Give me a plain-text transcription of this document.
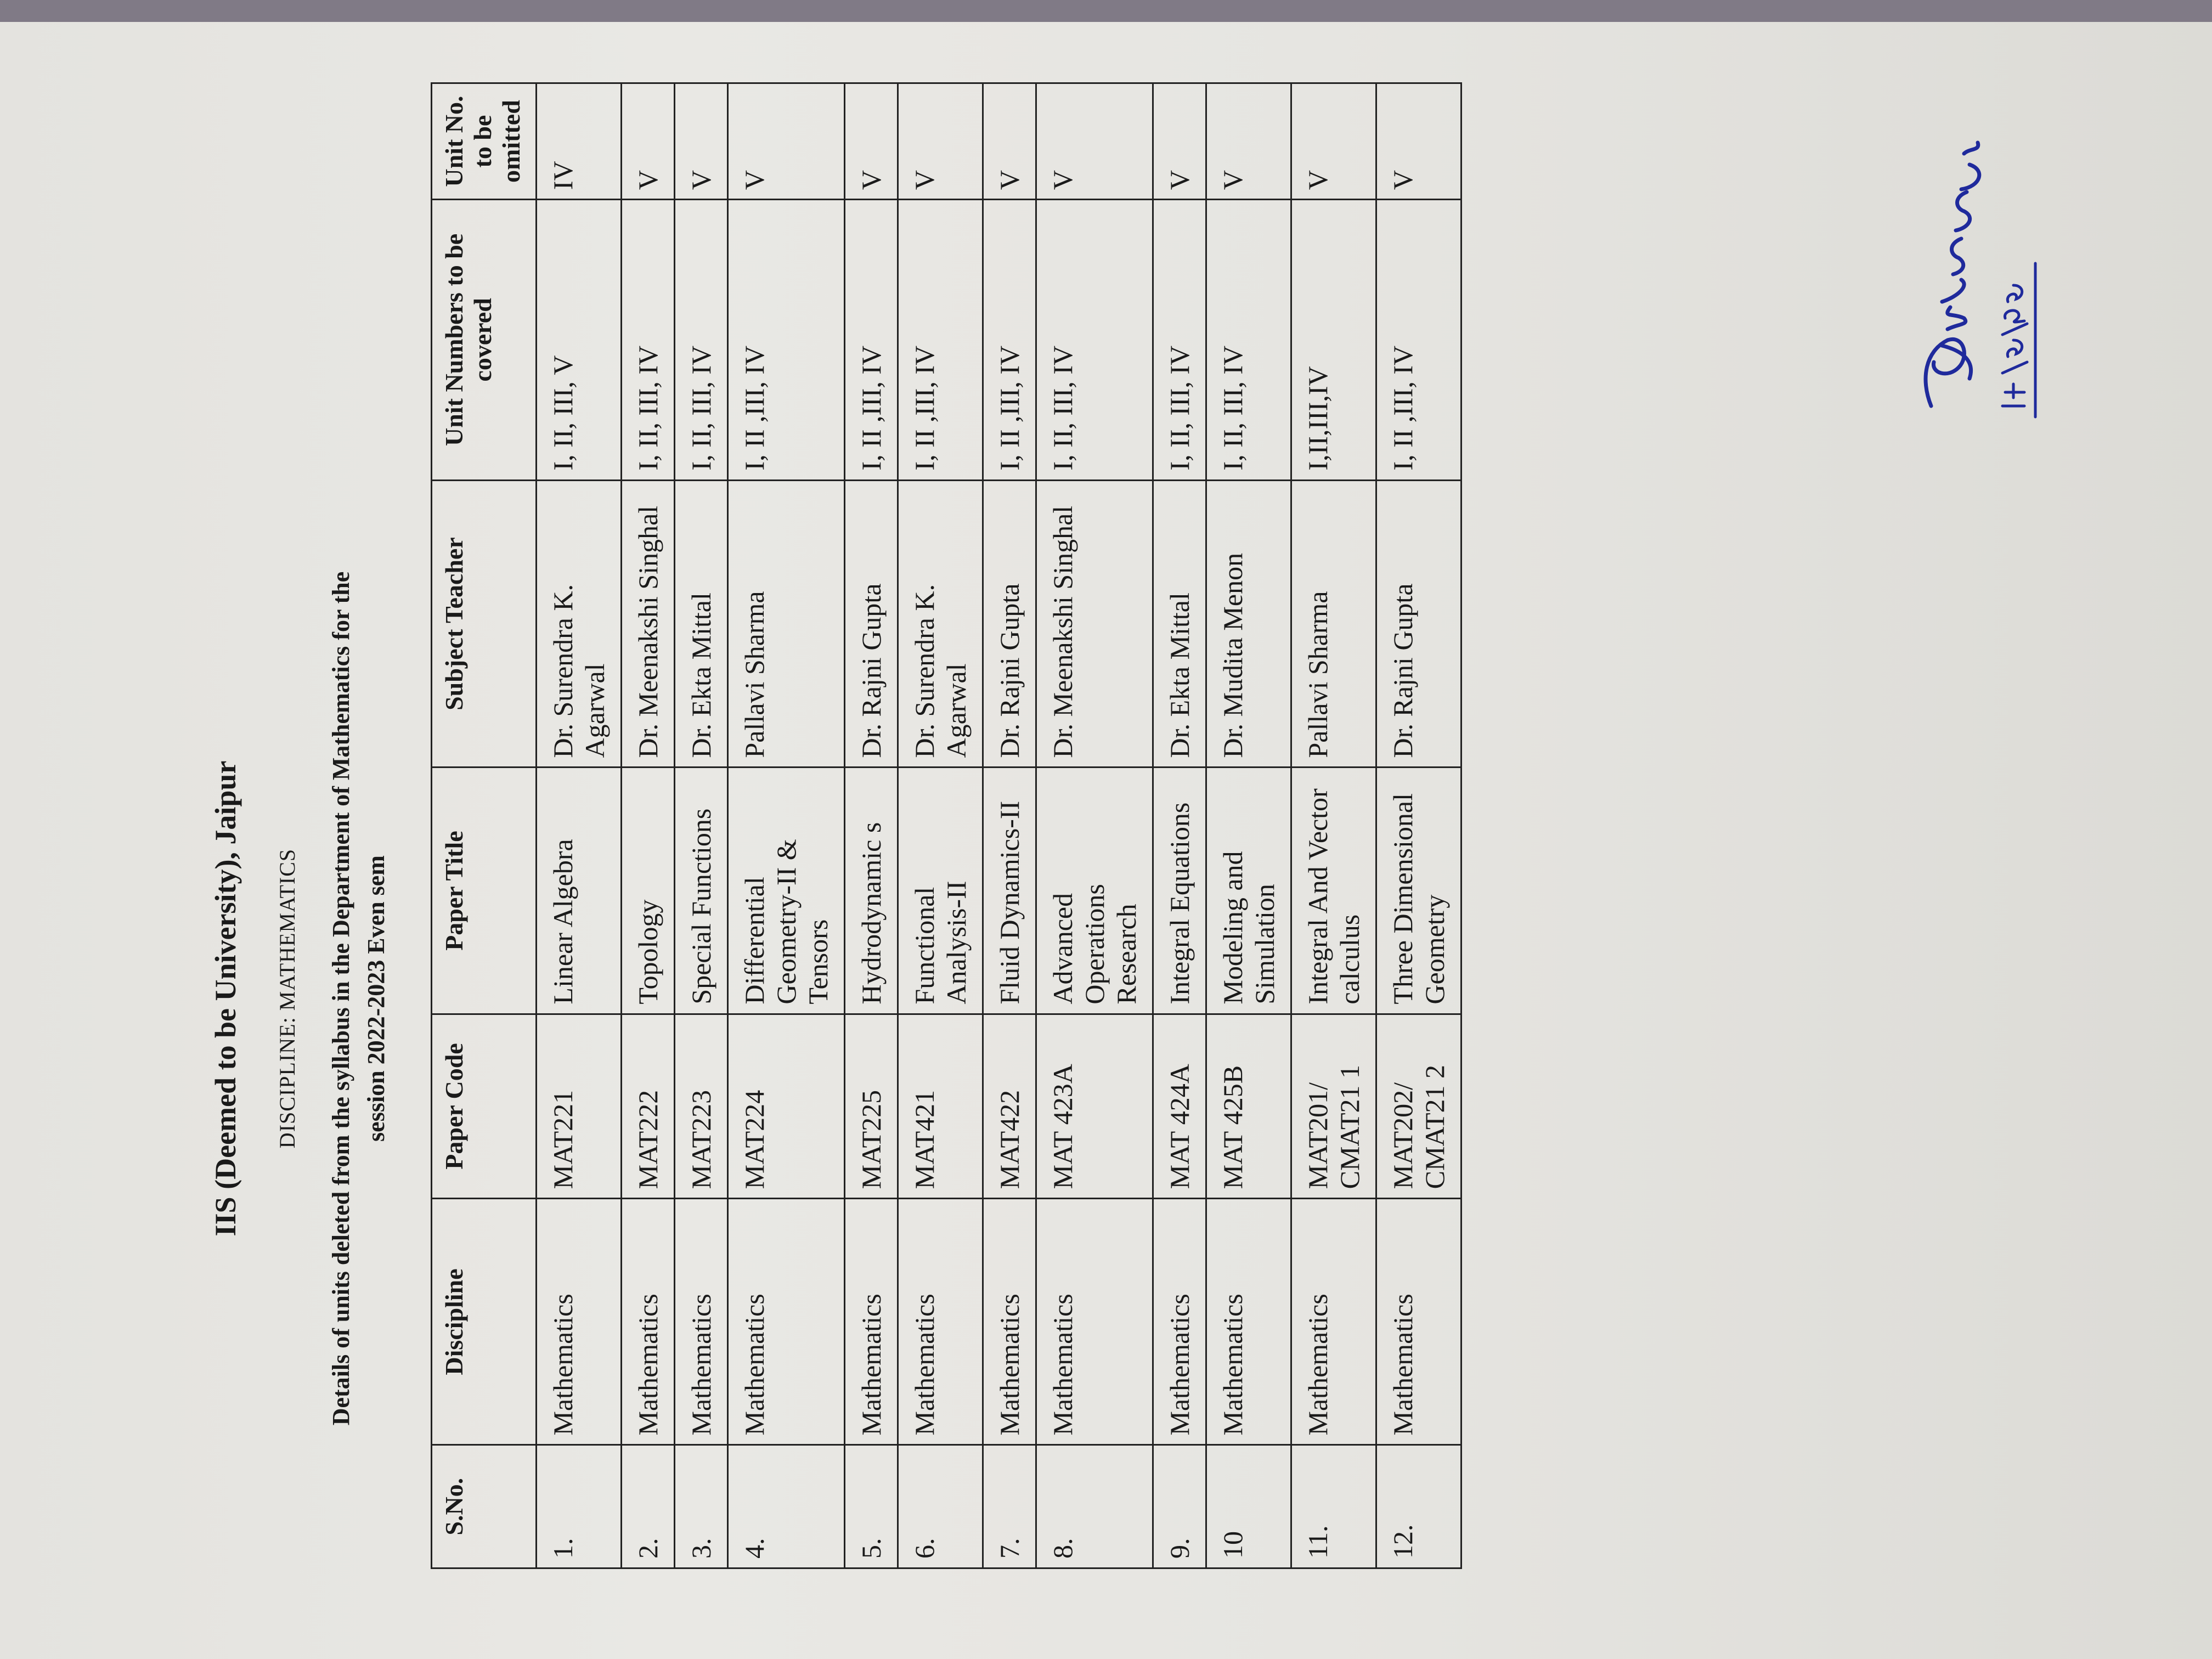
IIS (Deemed to be University), Jaipur DISCIPLINE: MATHEMATICS Details of units deleted from the syllabus in the Department of Mathematics for the session 2022-2023 Even sem
S.No.	Discipline	Paper Code	Paper Title	Subject Teacher	Unit Numbers to be covered	Unit No. to be omitted
1.	Mathematics	MAT221	Linear Algebra	Dr. Surendra K. Agarwal	I, II, III, V	IV
2.	Mathematics	MAT222	Topology	Dr. Meenakshi Singhal	I, II, III, IV	V
3.	Mathematics	MAT223	Special Functions	Dr. Ekta Mittal	I, II, III, IV	V
4.	Mathematics	MAT224	Differential Geometry-II & Tensors	Pallavi Sharma	I, II ,III, IV	V
5.	Mathematics	MAT225	Hydrodynamic s	Dr. Rajni Gupta	I, II ,III, IV	V
6.	Mathematics	MAT421	Functional Analysis-II	Dr. Surendra K. Agarwal	I, II ,III, IV	V
7.	Mathematics	MAT422	Fluid Dynamics-II	Dr. Rajni Gupta	I, II ,III, IV	V
8.	Mathematics	MAT 423A	Advanced Operations Research	Dr. Meenakshi Singhal	I, II, III, IV	V
9.	Mathematics	MAT 424A	Integral Equations	Dr. Ekta Mittal	I, II, III, IV	V
10	Mathematics	MAT 425B	Modeling and Simulation	Dr. Mudita Menon	I, II, III, IV	V
11.	Mathematics	MAT201/ CMAT21 1	Integral And Vector calculus	Pallavi Sharma	I,II,III,IV	V
12.	Mathematics	MAT202/ CMAT21 2	Three Dimensional Geometry	Dr. Rajni Gupta	I, II ,III, IV	V
